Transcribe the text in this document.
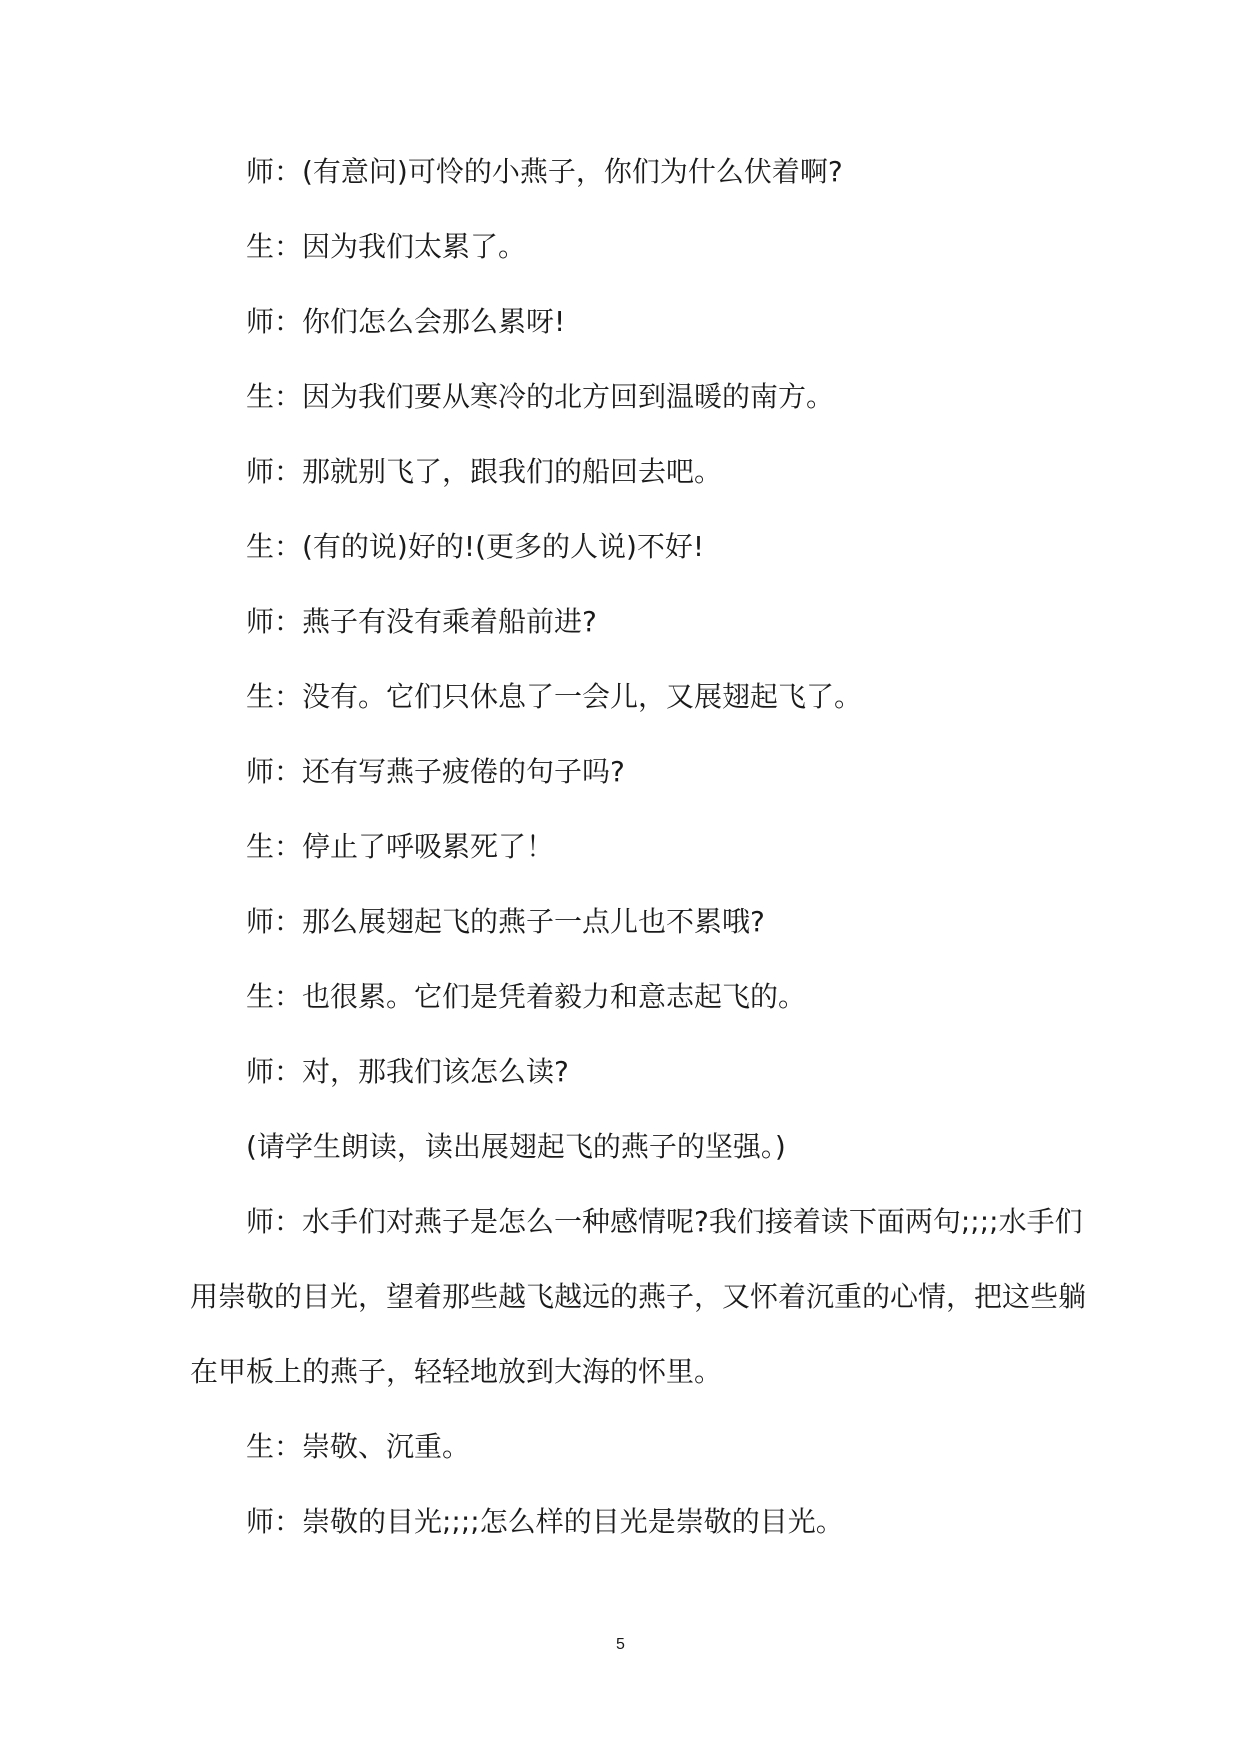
师：(有意问)可怜的小燕子，你们为什么伏着啊?

生：因为我们太累了。

师：你们怎么会那么累呀!

生：因为我们要从寒冷的北方回到温暖的南方。

师：那就别飞了，跟我们的船回去吧。

生：(有的说)好的!(更多的人说)不好!

师：燕子有没有乘着船前进?

生：没有。它们只休息了一会儿，又展翅起飞了。

师：还有写燕子疲倦的句子吗?

生：停止了呼吸累死了！

师：那么展翅起飞的燕子一点儿也不累哦?

生：也很累。它们是凭着毅力和意志起飞的。

师：对，那我们该怎么读?

(请学生朗读，读出展翅起飞的燕子的坚强。)

师：水手们对燕子是怎么一种感情呢?我们接着读下面两句;;;;水手们用崇敬的目光，望着那些越飞越远的燕子，又怀着沉重的心情，把这些躺在甲板上的燕子，轻轻地放到大海的怀里。

生：崇敬、沉重。

师：崇敬的目光;;;;怎么样的目光是崇敬的目光。

5
